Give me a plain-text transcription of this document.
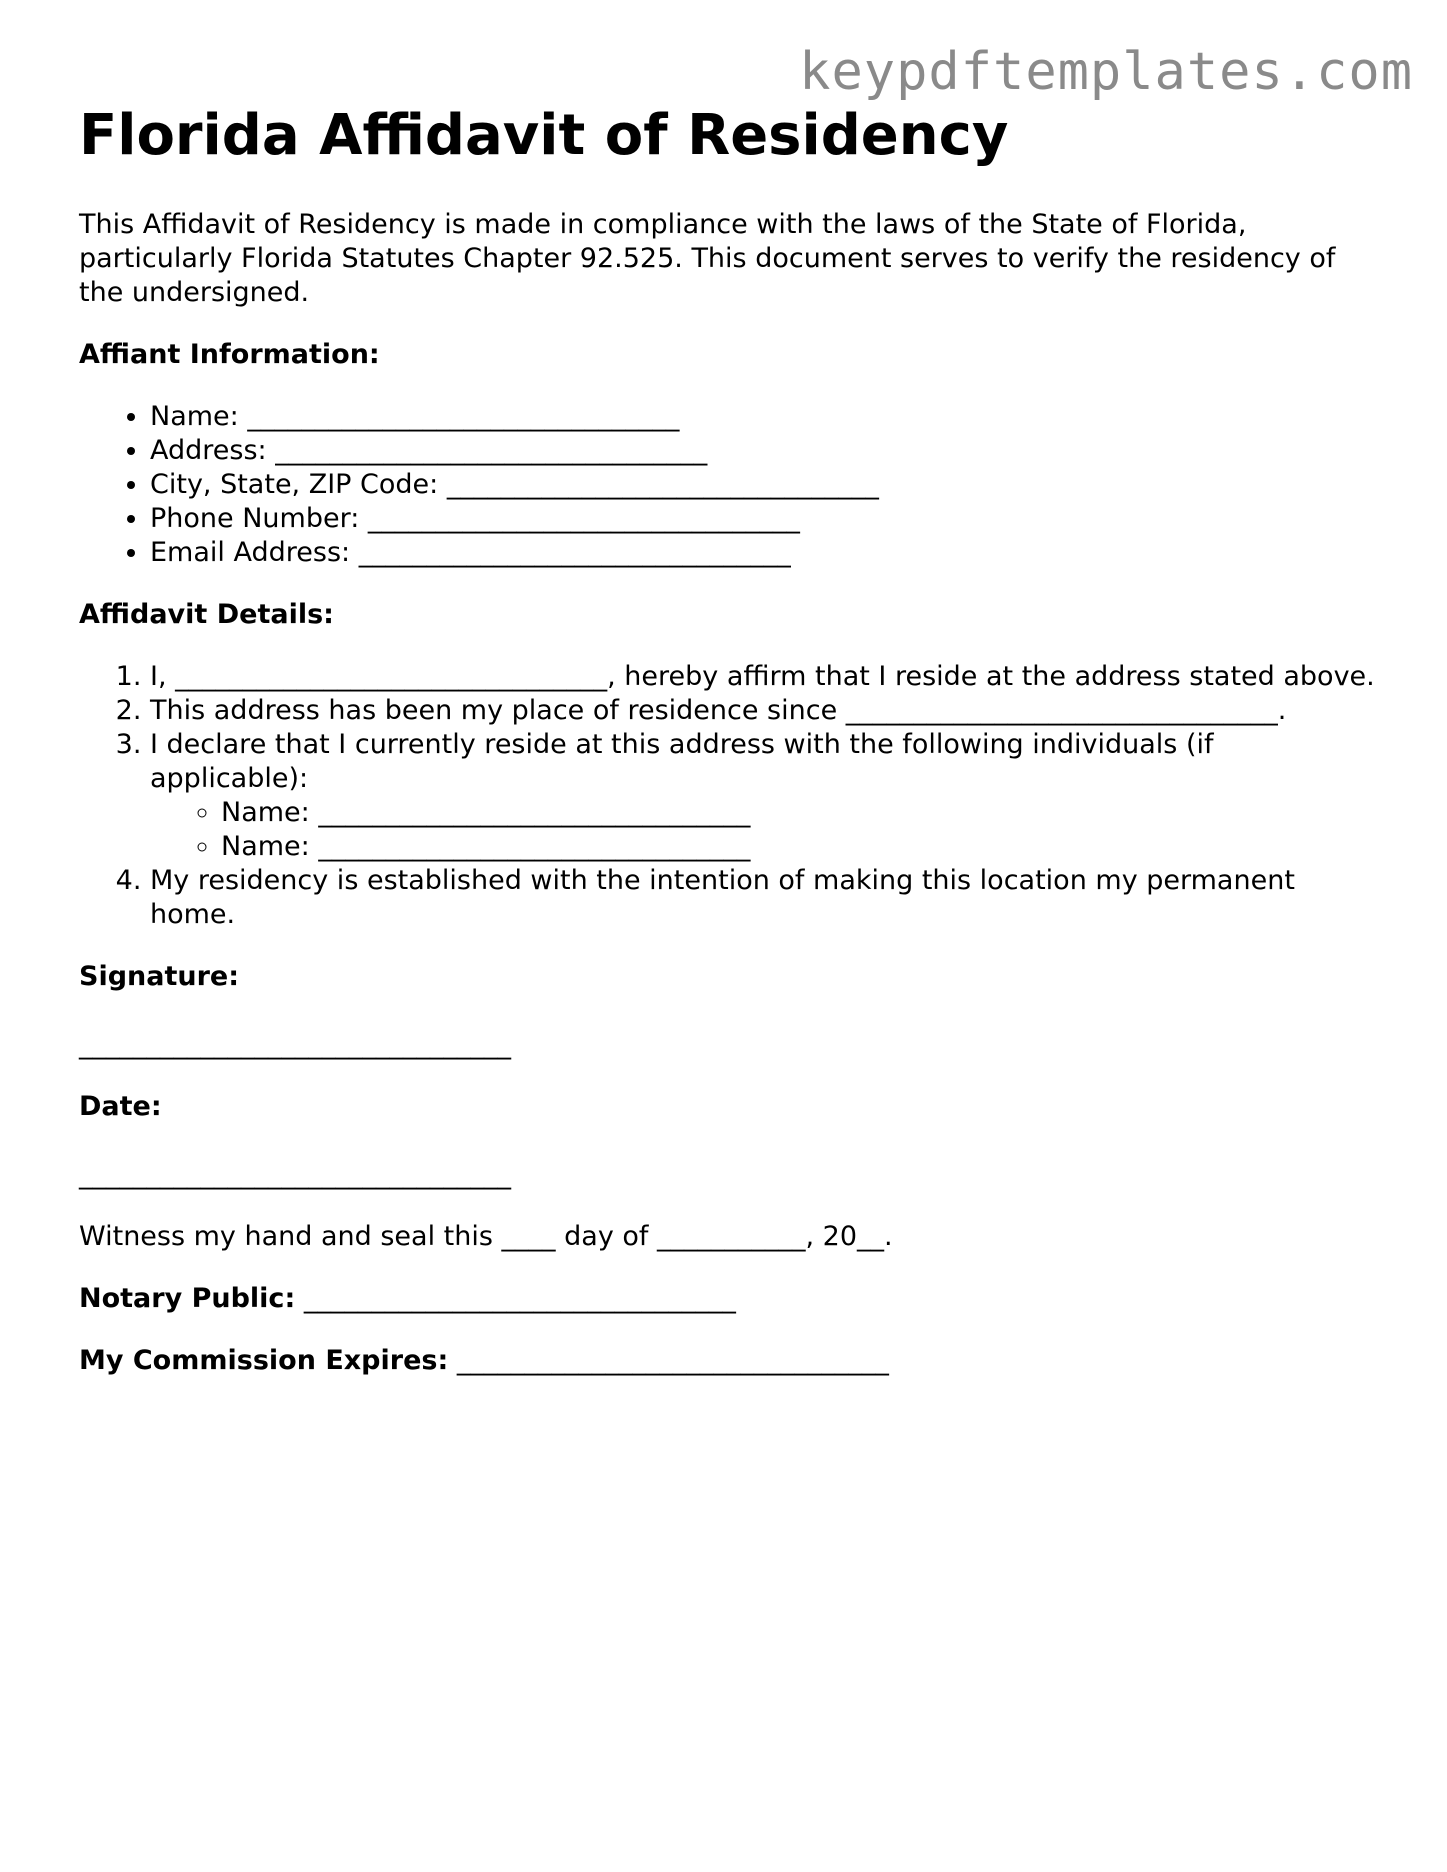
keypdftemplates.com
Florida Affidavit of Residency

This Affidavit of Residency is made in compliance with the laws of the State of Florida, particularly Florida Statutes Chapter 92.525. This document serves to verify the residency of the undersigned.

Affiant Information:

• Name: ________________________________
• Address: ________________________________
• City, State, ZIP Code: ________________________________
• Phone Number: ________________________________
• Email Address: ________________________________

Affidavit Details:

1. I, ________________________________, hereby affirm that I reside at the address stated above.
2. This address has been my place of residence since ________________________________.
3. I declare that I currently reside at this address with the following individuals (if applicable):
◦ Name: ________________________________
◦ Name: ________________________________
4. My residency is established with the intention of making this location my permanent home.

Signature:

________________________________

Date:

________________________________

Witness my hand and seal this ____ day of ___________, 20__.

Notary Public: ________________________________

My Commission Expires: ________________________________
